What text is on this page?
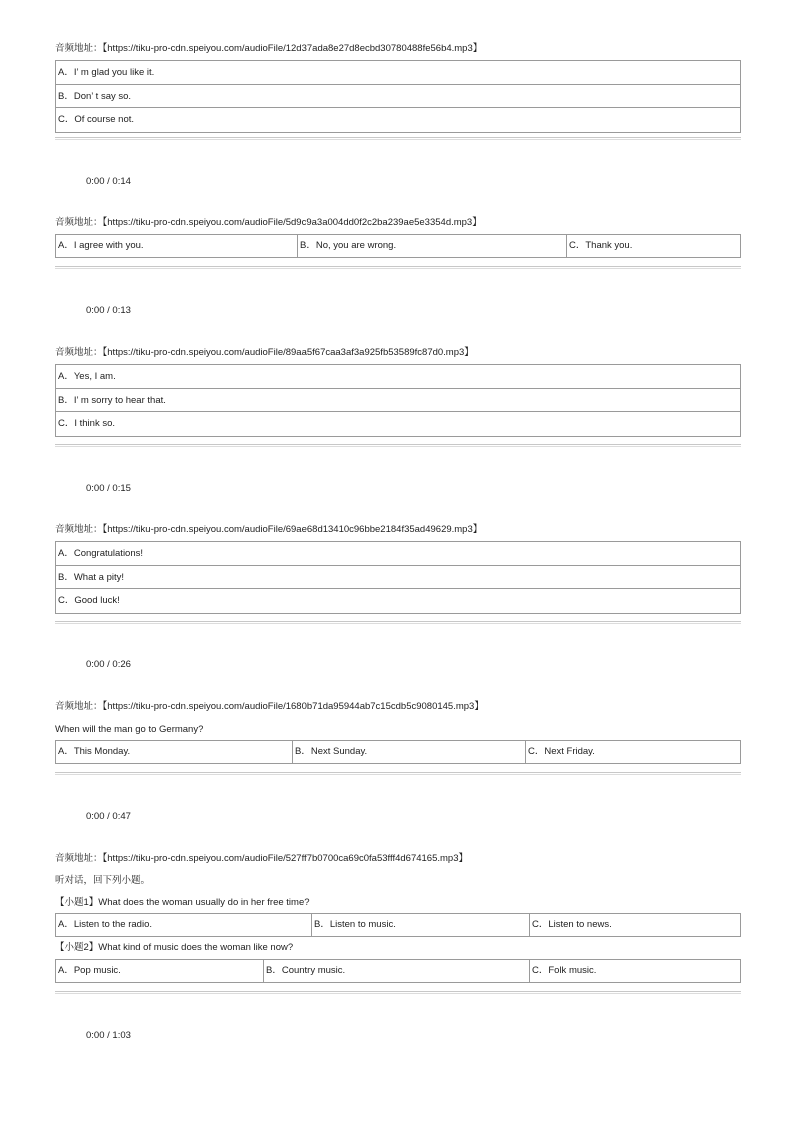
音频地址：【https://tiku-pro-cdn.speiyou.com/audioFile/12d37ada8e27d8ecbd30780488fe56b4.mp3】
A．I’ m glad you like it.
B．Don’ t say so.
C．Of course not.
0:00 / 0:14
音频地址：【https://tiku-pro-cdn.speiyou.com/audioFile/5d9c9a3a004dd0f2c2ba239ae5e3354d.mp3】
A．I agree with you.	B．No, you are wrong.	C．Thank you.
0:00 / 0:13
音频地址：【https://tiku-pro-cdn.speiyou.com/audioFile/89aa5f67caa3af3a925fb53589fc87d0.mp3】
A．Yes, I am.
B．I’ m sorry to hear that.
C．I think so.
0:00 / 0:15
音频地址：【https://tiku-pro-cdn.speiyou.com/audioFile/69ae68d13410c96bbe2184f35ad49629.mp3】
A．Congratulations!
B．What a pity!
C．Good luck!
0:00 / 0:26
音频地址：【https://tiku-pro-cdn.speiyou.com/audioFile/1680b71da95944ab7c15cdb5c9080145.mp3】
When will the man go to Germany?
A．This Monday.	B．Next Sunday.	C．Next Friday.
0:00 / 0:47
音频地址：【https://tiku-pro-cdn.speiyou.com/audioFile/527ff7b0700ca69c0fa53fff4d674165.mp3】
听对话，回下列小题。
【小题1】What does the woman usually do in her free time?
A．Listen to the radio.	B．Listen to music.	C．Listen to news.
【小题2】What kind of music does the woman like now?
A．Pop music.	B．Country music.	C．Folk music.
0:00 / 1:03
